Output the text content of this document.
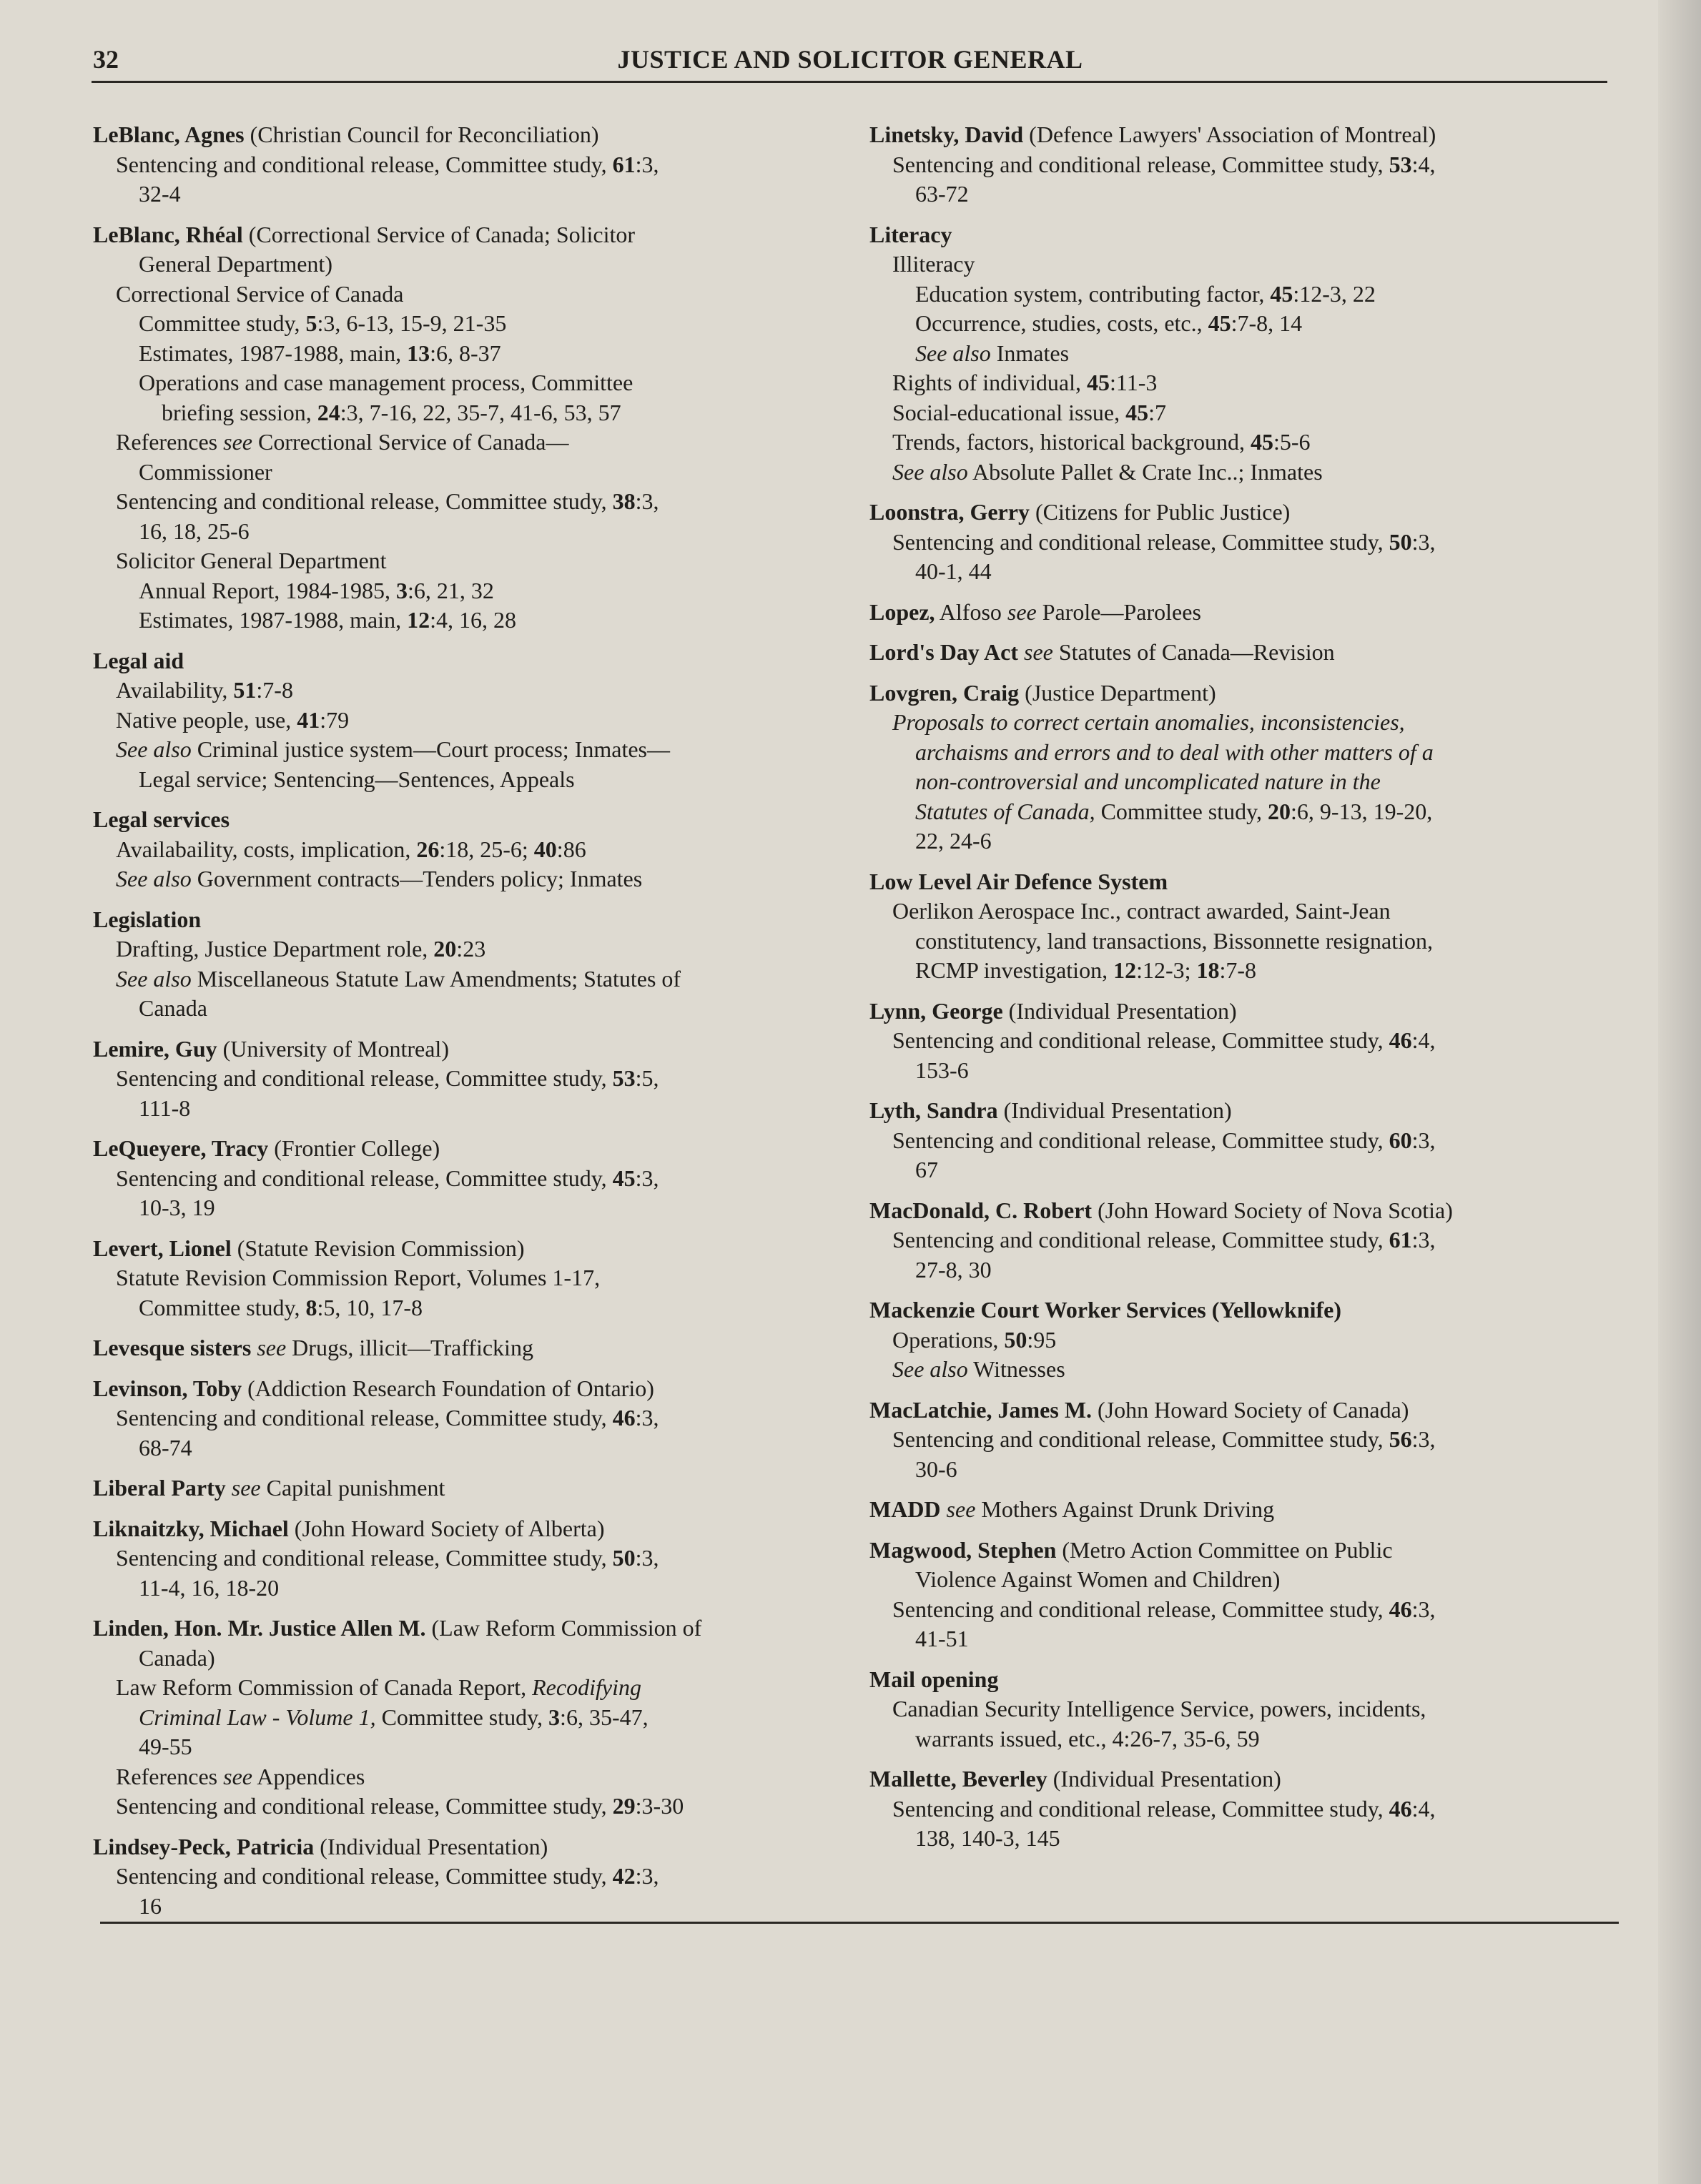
JUSTICE AND SOLICITOR GENERAL
32
LeBlanc, Agnes (Christian Council for Reconciliation)
Sentencing and conditional release, Committee study, 61:3,
32-4
LeBlanc, Rhéal (Correctional Service of Canada; Solicitor
General Department)
Correctional Service of Canada
Committee study, 5:3, 6-13, 15-9, 21-35
Estimates, 1987-1988, main, 13:6, 8-37
Operations and case management process, Committee
briefing session, 24:3, 7-16, 22, 35-7, 41-6, 53, 57
References see Correctional Service of Canada—
Commissioner
Sentencing and conditional release, Committee study, 38:3,
16, 18, 25-6
Solicitor General Department
Annual Report, 1984-1985, 3:6, 21, 32
Estimates, 1987-1988, main, 12:4, 16, 28
Legal aid
Availability, 51:7-8
Native people, use, 41:79
See also Criminal justice system—Court process; Inmates—
Legal service; Sentencing—Sentences, Appeals
Legal services
Availabaility, costs, implication, 26:18, 25-6; 40:86
See also Government contracts—Tenders policy; Inmates
Legislation
Drafting, Justice Department role, 20:23
See also Miscellaneous Statute Law Amendments; Statutes of
Canada
Lemire, Guy (University of Montreal)
Sentencing and conditional release, Committee study, 53:5,
111-8
LeQueyere, Tracy (Frontier College)
Sentencing and conditional release, Committee study, 45:3,
10-3, 19
Levert, Lionel (Statute Revision Commission)
Statute Revision Commission Report, Volumes 1-17,
Committee study, 8:5, 10, 17-8
Levesque sisters see Drugs, illicit—Trafficking
Levinson, Toby (Addiction Research Foundation of Ontario)
Sentencing and conditional release, Committee study, 46:3,
68-74
Liberal Party see Capital punishment
Liknaitzky, Michael (John Howard Society of Alberta)
Sentencing and conditional release, Committee study, 50:3,
11-4, 16, 18-20
Linden, Hon. Mr. Justice Allen M. (Law Reform Commission of
Canada)
Law Reform Commission of Canada Report, Recodifying
Criminal Law - Volume 1, Committee study, 3:6, 35-47,
49-55
References see Appendices
Sentencing and conditional release, Committee study, 29:3-30
Lindsey-Peck, Patricia (Individual Presentation)
Sentencing and conditional release, Committee study, 42:3,
16
Linetsky, David (Defence Lawyers' Association of Montreal)
Sentencing and conditional release, Committee study, 53:4,
63-72
Literacy
Illiteracy
Education system, contributing factor, 45:12-3, 22
Occurrence, studies, costs, etc., 45:7-8, 14
See also Inmates
Rights of individual, 45:11-3
Social-educational issue, 45:7
Trends, factors, historical background, 45:5-6
See also Absolute Pallet & Crate Inc..; Inmates
Loonstra, Gerry (Citizens for Public Justice)
Sentencing and conditional release, Committee study, 50:3,
40-1, 44
Lopez, Alfoso see Parole—Parolees
Lord's Day Act see Statutes of Canada—Revision
Lovgren, Craig (Justice Department)
Proposals to correct certain anomalies, inconsistencies,
archaisms and errors and to deal with other matters of a
non-controversial and uncomplicated nature in the
Statutes of Canada, Committee study, 20:6, 9-13, 19-20,
22, 24-6
Low Level Air Defence System
Oerlikon Aerospace Inc., contract awarded, Saint-Jean
constitutency, land transactions, Bissonnette resignation,
RCMP investigation, 12:12-3; 18:7-8
Lynn, George (Individual Presentation)
Sentencing and conditional release, Committee study, 46:4,
153-6
Lyth, Sandra (Individual Presentation)
Sentencing and conditional release, Committee study, 60:3,
67
MacDonald, C. Robert (John Howard Society of Nova Scotia)
Sentencing and conditional release, Committee study, 61:3,
27-8, 30
Mackenzie Court Worker Services (Yellowknife)
Operations, 50:95
See also Witnesses
MacLatchie, James M. (John Howard Society of Canada)
Sentencing and conditional release, Committee study, 56:3,
30-6
MADD see Mothers Against Drunk Driving
Magwood, Stephen (Metro Action Committee on Public
Violence Against Women and Children)
Sentencing and conditional release, Committee study, 46:3,
41-51
Mail opening
Canadian Security Intelligence Service, powers, incidents,
warrants issued, etc., 4:26-7, 35-6, 59
Mallette, Beverley (Individual Presentation)
Sentencing and conditional release, Committee study, 46:4,
138, 140-3, 145
